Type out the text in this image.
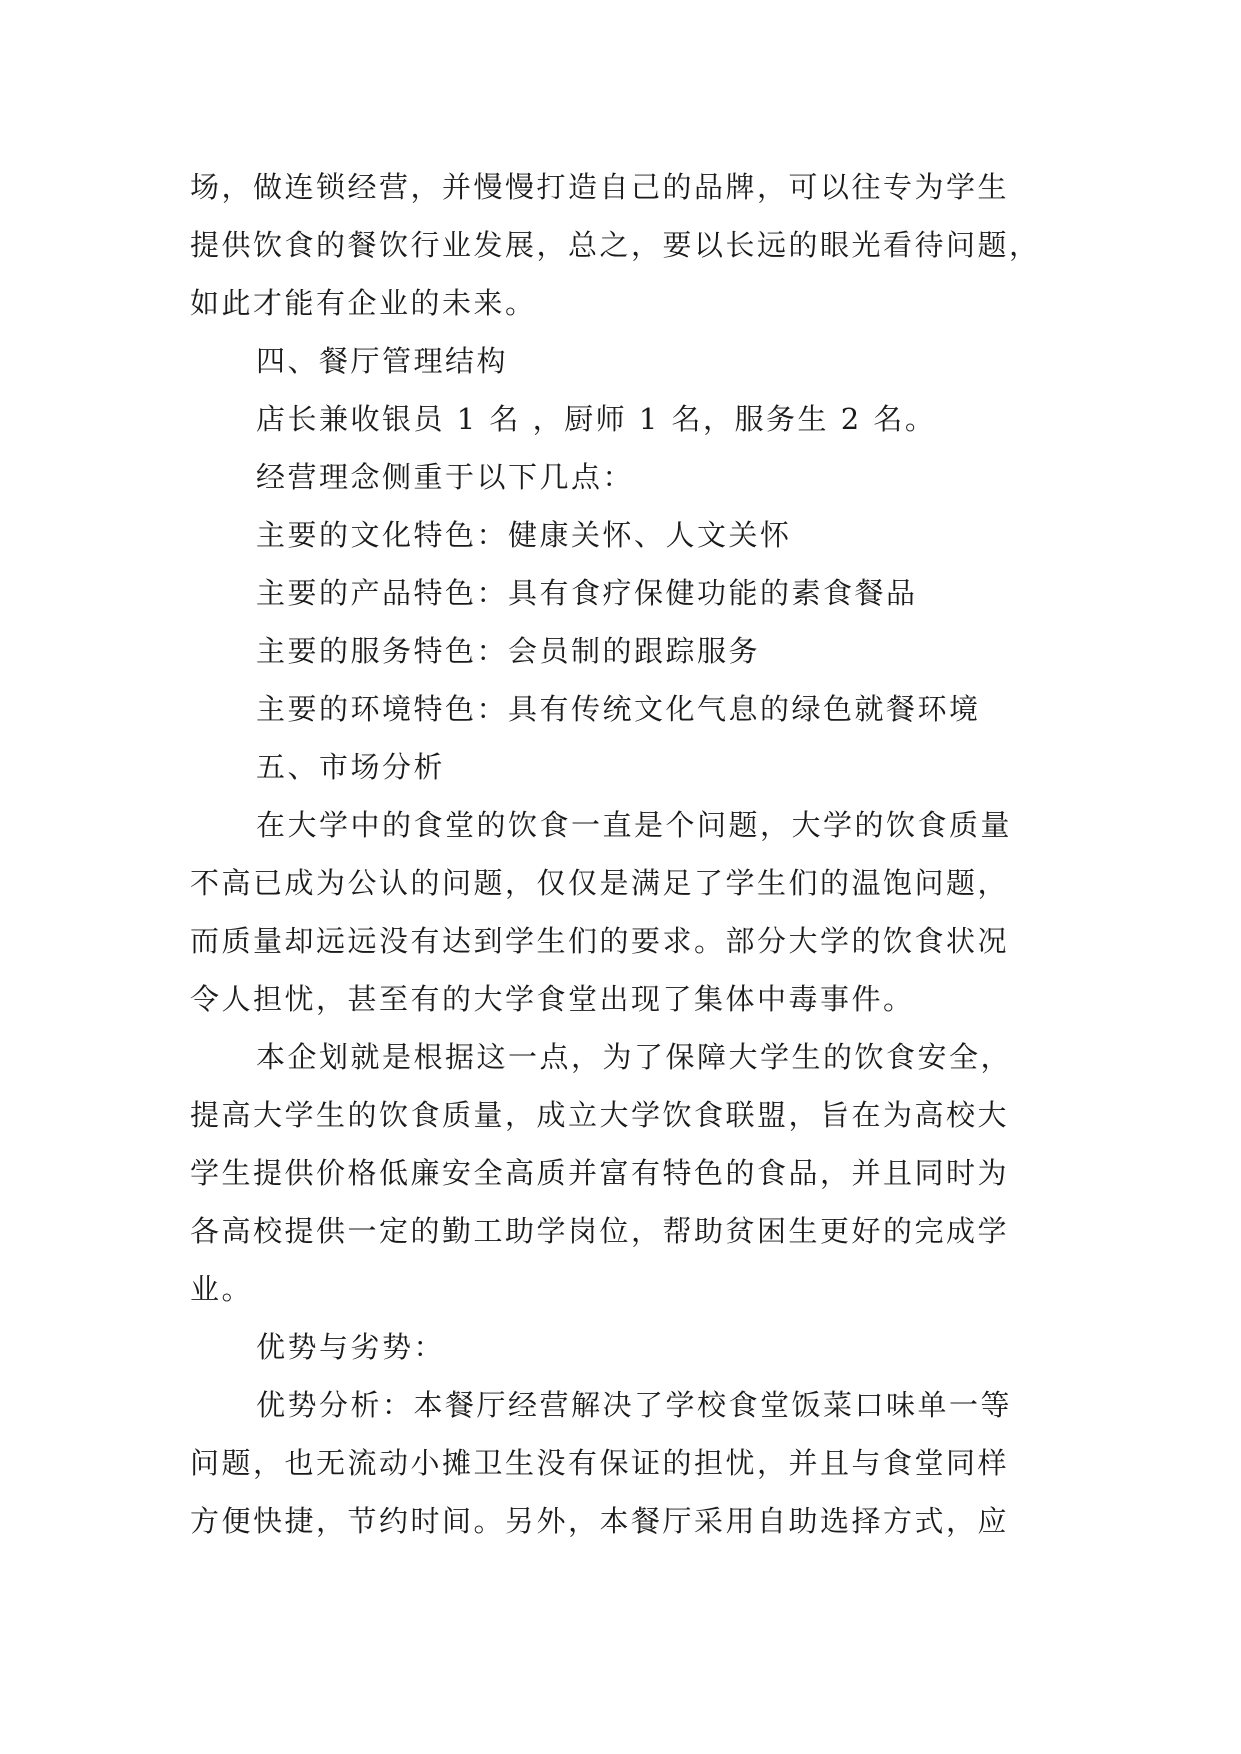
场，做连锁经营，并慢慢打造自己的品牌，可以往专为学生
提供饮食的餐饮行业发展，总之，要以长远的眼光看待问题，
如此才能有企业的未来。
四、餐厅管理结构
店长兼收银员 1 名 ，厨师 1 名，服务生 2 名。
经营理念侧重于以下几点：
主要的文化特色：健康关怀、人文关怀
主要的产品特色：具有食疗保健功能的素食餐品
主要的服务特色：会员制的跟踪服务
主要的环境特色：具有传统文化气息的绿色就餐环境
五、市场分析
在大学中的食堂的饮食一直是个问题，大学的饮食质量
不高已成为公认的问题，仅仅是满足了学生们的温饱问题，
而质量却远远没有达到学生们的要求。部分大学的饮食状况
令人担忧，甚至有的大学食堂出现了集体中毒事件。
本企划就是根据这一点，为了保障大学生的饮食安全，
提高大学生的饮食质量，成立大学饮食联盟，旨在为高校大
学生提供价格低廉安全高质并富有特色的食品，并且同时为
各高校提供一定的勤工助学岗位，帮助贫困生更好的完成学
业。
优势与劣势：
优势分析：本餐厅经营解决了学校食堂饭菜口味单一等
问题，也无流动小摊卫生没有保证的担忧，并且与食堂同样
方便快捷，节约时间。另外，本餐厅采用自助选择方式，应
